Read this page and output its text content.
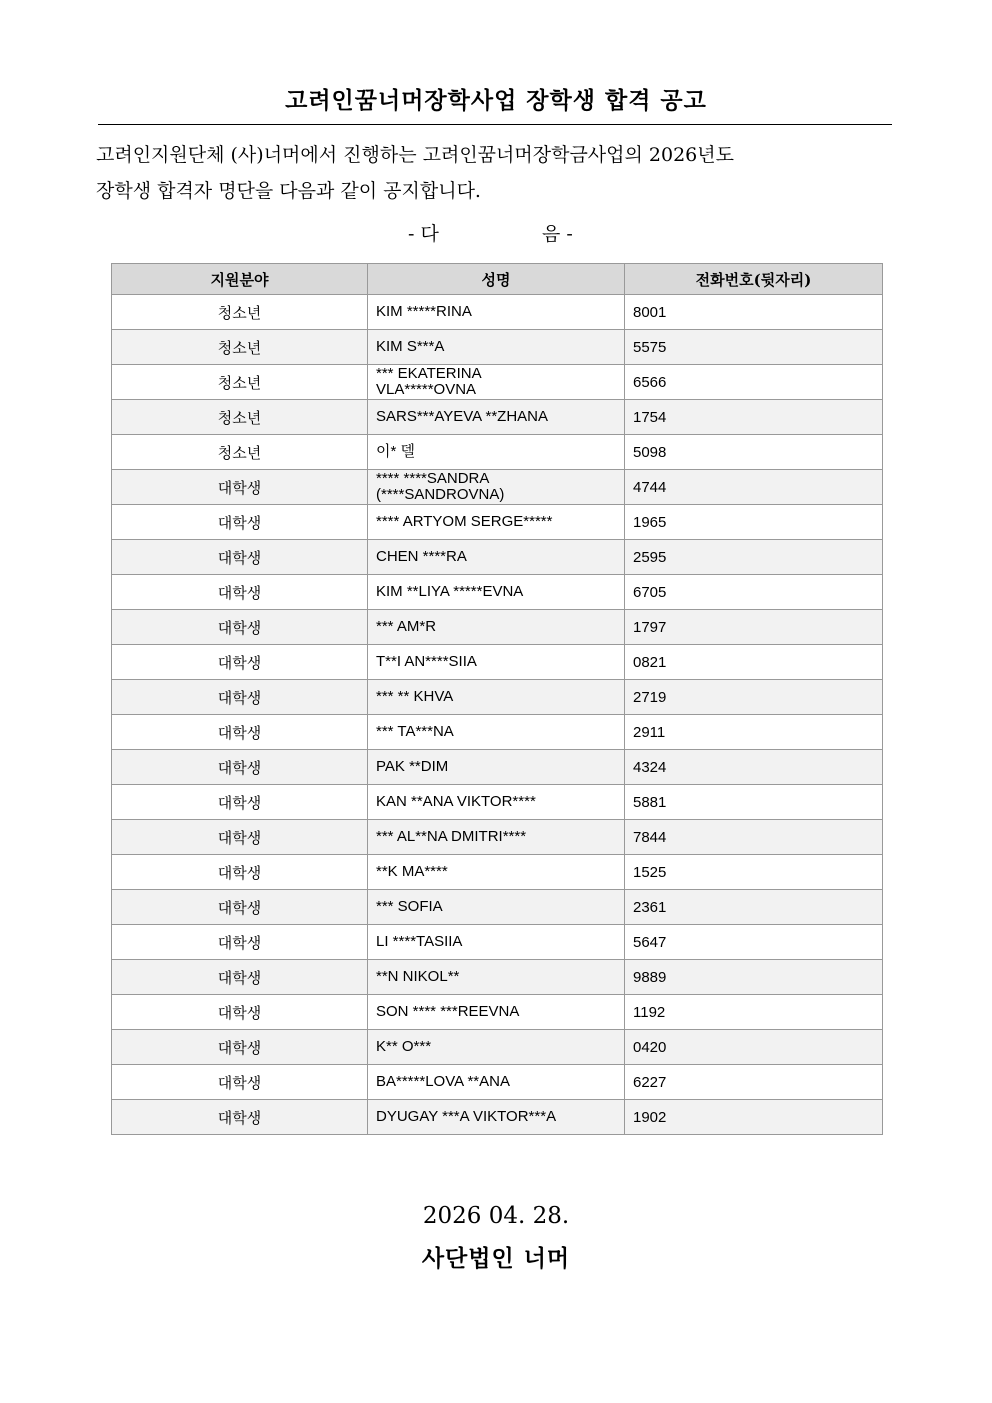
고려인꿈너머장학사업 장학생 합격 공고
고려인지원단체 (사)너머에서 진행하는 고려인꿈너머장학금사업의 2026년도
장학생 합격자 명단을 다음과 같이 공지합니다.
- 다	음 -
지원분야	성명	전화번호(뒷자리)
청소년	KIM *****RINA	8001
청소년	KIM S***A	5575
청소년	*** EKATERINA
VLA*****OVNA	6566
청소년	SARS***AYEVA **ZHANA	1754
청소년	이* 델	5098
대학생	**** ****SANDRA
(****SANDROVNA)	4744
대학생	**** ARTYOM SERGE*****	1965
대학생	CHEN ****RA	2595
대학생	KIM **LIYA *****EVNA	6705
대학생	*** AM*R	1797
대학생	T**I AN****SIIA	0821
대학생	*** ** KHVA	2719
대학생	*** TA***NA	2911
대학생	PAK **DIM	4324
대학생	KAN **ANA VIKTOR****	5881
대학생	*** AL**NA DMITRI****	7844
대학생	**K MA****	1525
대학생	*** SOFIA	2361
대학생	LI ****TASIIA	5647
대학생	**N NIKOL**	9889
대학생	SON **** ***REEVNA	1192
대학생	K** O***	0420
대학생	BA*****LOVA **ANA	6227
대학생	DYUGAY ***A VIKTOR***A	1902
2026 04. 28.
사단법인 너머
